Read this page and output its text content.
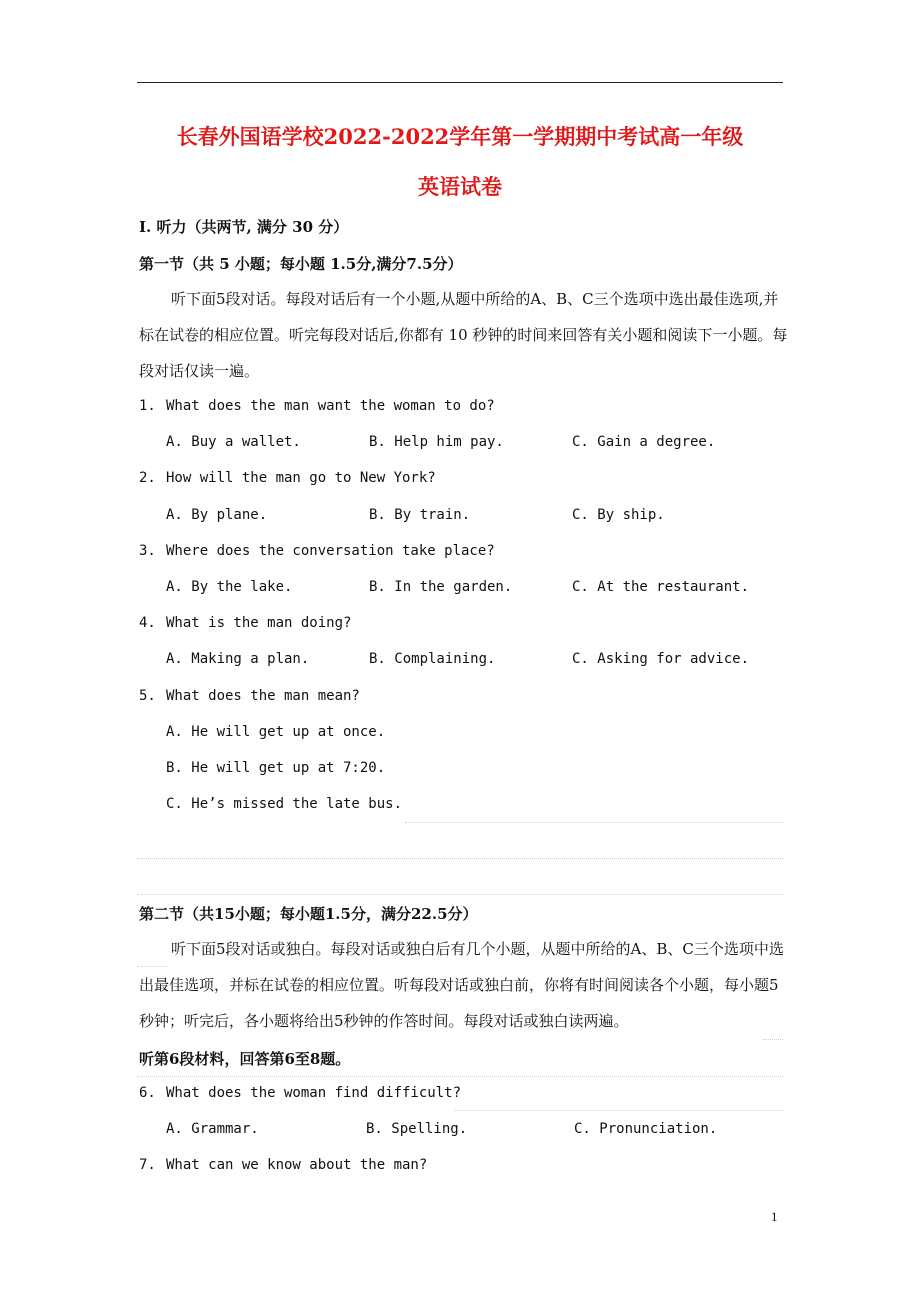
长春外国语学校2022-2022学年第一学期期中考试高一年级
英语试卷
I. 听力（共两节, 满分 30 分）
第一节（共 5 小题；每小题 1.5分,满分7.5分）
听下面5段对话。每段对话后有一个小题,从题中所给的A、B、C三个选项中选出最佳选项,并标在试卷的相应位置。听完每段对话后,你都有 10 秒钟的时间来回答有关小题和阅读下一小题。每段对话仅读一遍。
1. What does the man want the woman to do?
A. Buy a wallet.	B. Help him pay.	C. Gain a degree.
2. How will the man go to New York?
A. By plane.	B. By train.	C. By ship.
3. Where does the conversation take place?
A. By the lake.	B. In the garden.	C. At the restaurant.
4. What is the man doing?
A. Making a plan.	B. Complaining.	C. Asking for advice.
5. What does the man mean?
A. He will get up at once.
B. He will get up at 7:20.
C. He’s missed the late bus.
第二节（共15小题；每小题1.5分，满分22.5分）
听下面5段对话或独白。每段对话或独白后有几个小题，从题中所给的A、B、C三个选项中选出最佳选项，并标在试卷的相应位置。听每段对话或独白前，你将有时间阅读各个小题，每小题5秒钟；听完后，各小题将给出5秒钟的作答时间。每段对话或独白读两遍。
听第6段材料，回答第6至8题。
6. What does the woman find difficult?
A. Grammar.	B. Spelling.	C. Pronunciation.
7. What can we know about the man?
1
